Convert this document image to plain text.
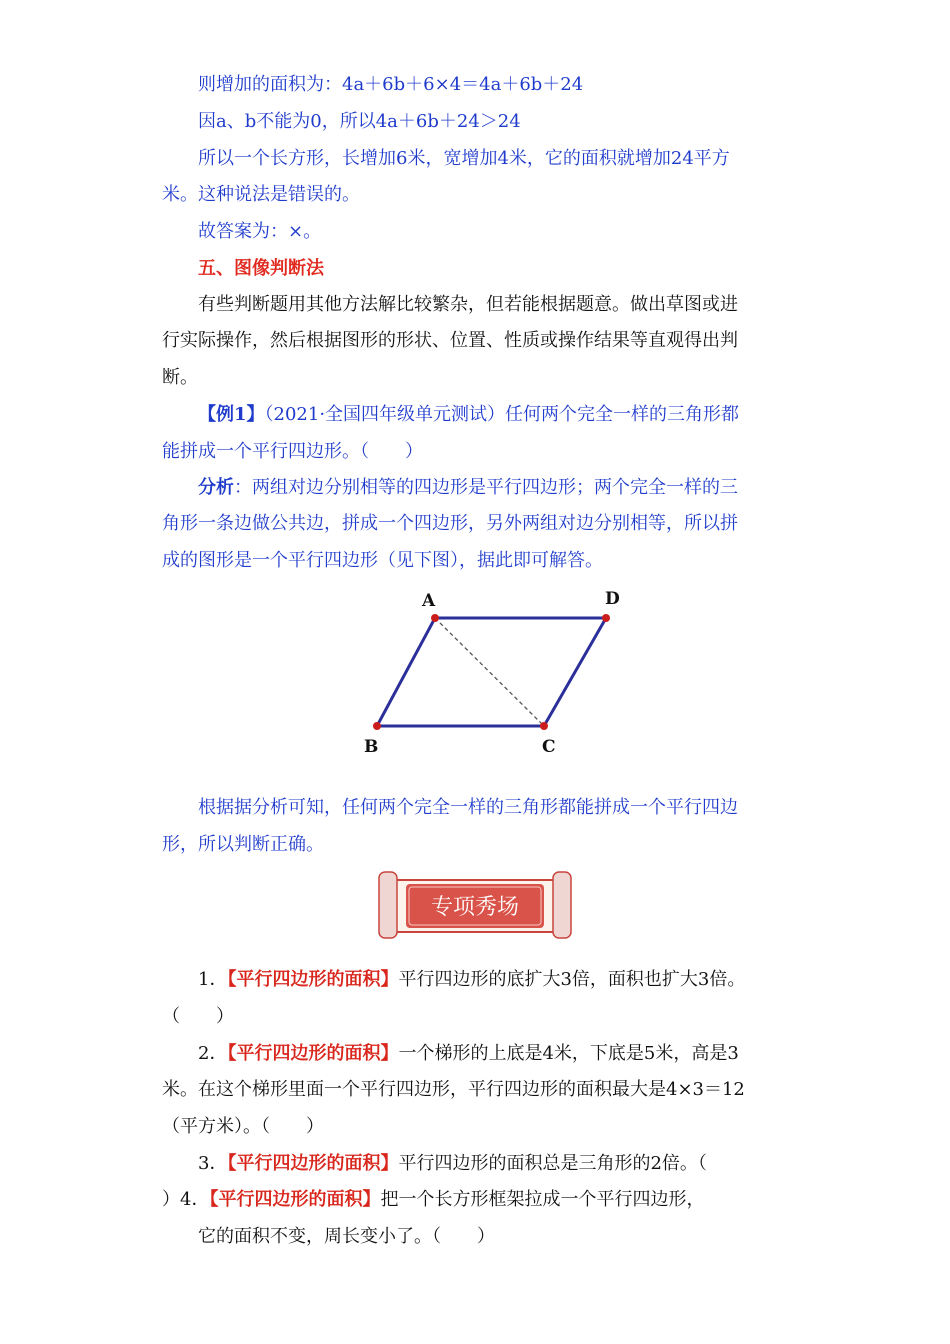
则增加的面积为：4a＋6b＋6×4＝4a＋6b＋24
因a、b不能为0，所以4a＋6b＋24＞24
所以一个长方形，长增加6米，宽增加4米，它的面积就增加24平方
米。这种说法是错误的。
故答案为：×。
五、图像判断法
有些判断题用其他方法解比较繁杂，但若能根据题意。做出草图或进
行实际操作，然后根据图形的形状、位置、性质或操作结果等直观得出判
断。
【例1】（2021·全国四年级单元测试）任何两个完全一样的三角形都
能拼成一个平行四边形。（　　）
分析：两组对边分别相等的四边形是平行四边形；两个完全一样的三
角形一条边做公共边，拼成一个四边形，另外两组对边分别相等，所以拼
成的图形是一个平行四边形（见下图），据此即可解答。
A	D
C
B
根据据分析可知，任何两个完全一样的三角形都能拼成一个平行四边
形，所以判断正确。
专项秀场
1．【平行四边形的面积】平行四边形的底扩大3倍，面积也扩大3倍。
（　　）
2．【平行四边形的面积】一个梯形的上底是4米，下底是5米，高是3
米。在这个梯形里面一个平行四边形，平行四边形的面积最大是4×3＝12
（平方米）。（　　）
3．【平行四边形的面积】平行四边形的面积总是三角形的2倍。（
）4．【平行四边形的面积】把一个长方形框架拉成一个平行四边形，
它的面积不变，周长变小了。（　　）
